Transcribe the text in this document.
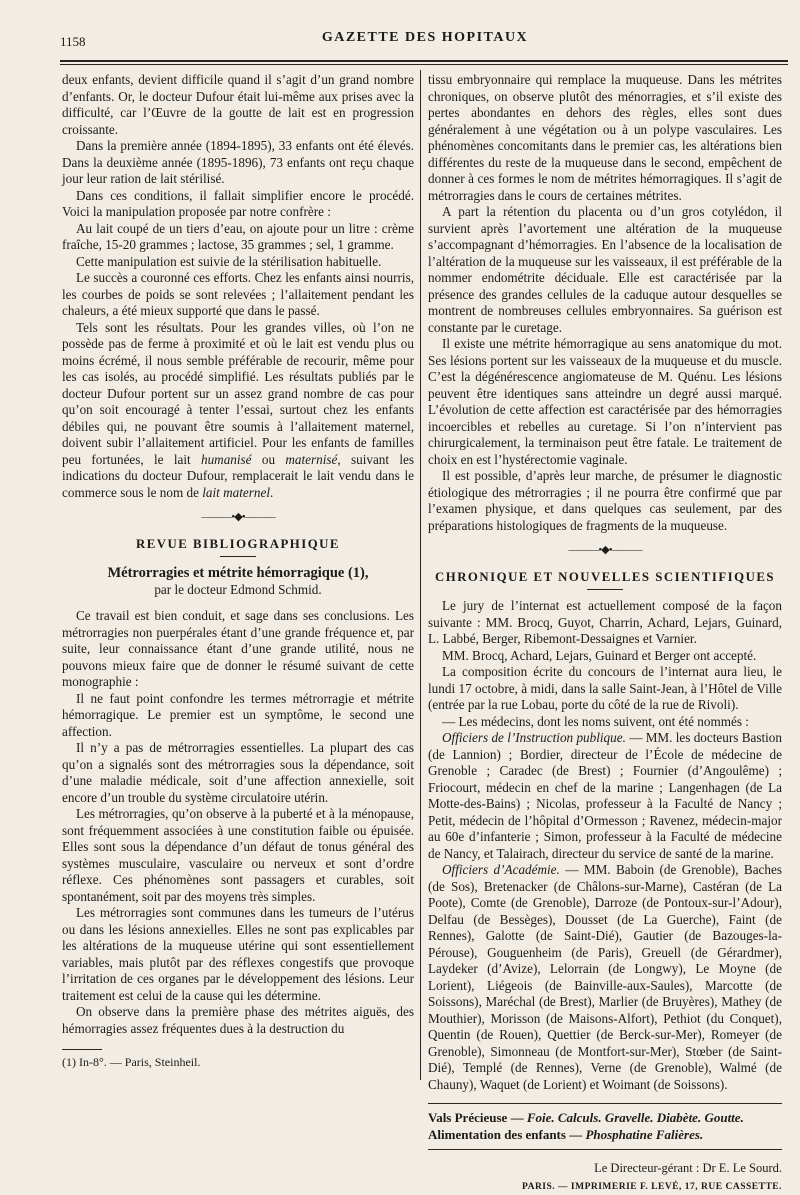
1158	GAZETTE DES HOPITAUX

deux enfants, devient difficile quand il s’agit d’un grand nombre d’enfants. Or, le docteur Dufour était lui-même aux prises avec la difficulté, car l’Œuvre de la goutte de lait est en progression croissante.

Dans la première année (1894-1895), 33 enfants ont été élevés. Dans la deuxième année (1895-1896), 73 enfants ont reçu chaque jour leur ration de lait stérilisé.

Dans ces conditions, il fallait simplifier encore le procédé. Voici la manipulation proposée par notre confrère :

Au lait coupé de un tiers d’eau, on ajoute pour un litre : crème fraîche, 15-20 grammes ; lactose, 35 grammes ; sel, 1 gramme.

Cette manipulation est suivie de la stérilisation habituelle.

Le succès a couronné ces efforts. Chez les enfants ainsi nourris, les courbes de poids se sont relevées ; l’allaitement pendant les chaleurs, a été mieux supporté que dans le passé.

Tels sont les résultats. Pour les grandes villes, où l’on ne possède pas de ferme à proximité et où le lait est vendu plus ou moins écrémé, il nous semble préférable de recourir, même pour les cas isolés, au procédé simplifié. Les résultats publiés par le docteur Dufour portent sur un assez grand nombre de cas pour qu’on soit encouragé à tenter l’essai, surtout chez les enfants débiles qui, ne pouvant être soumis à l’allaitement maternel, doivent subir l’allaitement artificiel. Pour les enfants de familles peu fortunées, le lait humanisé ou maternisé, suivant les indications du docteur Dufour, remplacerait le lait vendu dans le commerce sous le nom de lait maternel.

———•◆•———
REVUE BIBLIOGRAPHIQUE
Métrorragies et métrite hémorragique (1),
par le docteur Edmond Schmid.

Ce travail est bien conduit, et sage dans ses conclusions. Les métrorragies non puerpérales étant d’une grande fréquence et, par suite, leur connaissance étant d’une grande utilité, nous ne pouvons mieux faire que de donner le résumé suivant de cette monographie :

Il ne faut point confondre les termes métrorragie et métrite hémorragique. Le premier est un symptôme, le second une affection.

Il n’y a pas de métrorragies essentielles. La plupart des cas qu’on a signalés sont des métrorragies sous la dépendance, soit d’une maladie médicale, soit d’une affection annexielle, soit encore d’un trouble du système circulatoire utérin.

Les métrorragies, qu’on observe à la puberté et à la ménopause, sont fréquemment associées à une constitution faible ou épuisée. Elles sont sous la dépendance d’un défaut de tonus général des systèmes musculaire, vasculaire ou nerveux et sont d’ordre réflexe. Ces phénomènes sont passagers et curables, soit spontanément, soit par des moyens très simples.

Les métrorragies sont communes dans les tumeurs de l’utérus ou dans les lésions annexielles. Elles ne sont pas explicables par les altérations de la muqueuse utérine qui sont essentiellement variables, mais plutôt par des réflexes congestifs que provoque l’irritation de ces organes par le développement des lésions. Leur traitement est celui de la cause qui les détermine.

On observe dans la première phase des métrites aiguës, des hémorragies assez fréquentes dues à la destruction du

(1) In-8°. — Paris, Steinheil.

tissu embryonnaire qui remplace la muqueuse. Dans les métrites chroniques, on observe plutôt des ménorragies, et s’il existe des pertes abondantes en dehors des règles, elles sont dues généralement à une végétation ou à un polype vasculaires. Les phénomènes concomitants dans le premier cas, les altérations bien différentes du reste de la muqueuse dans le second, empêchent de donner à ces formes le nom de métrites hémorragiques. Il s’agit de métrorragies dans le cours de certaines métrites.

A part la rétention du placenta ou d’un gros cotylédon, il survient après l’avortement une altération de la muqueuse s’accompagnant d’hémorragies. En l’absence de la localisation de l’altération de la muqueuse sur les vaisseaux, il est préférable de la nommer endométrite déciduale. Elle est caractérisée par la présence des grandes cellules de la caduque autour desquelles se montrent de nombreuses cellules embryonnaires. Sa guérison est constante par le curetage.

Il existe une métrite hémorragique au sens anatomique du mot. Ses lésions portent sur les vaisseaux de la muqueuse et du muscle. C’est la dégénérescence angiomateuse de M. Quénu. Les lésions peuvent être identiques sans atteindre un degré aussi marqué. L’évolution de cette affection est caractérisée par des hémorragies incoercibles et rebelles au curetage. Si l’on n’intervient pas chirurgicalement, la terminaison peut être fatale. Le traitement de choix en est l’hystérectomie vaginale.

Il est possible, d’après leur marche, de présumer le diagnostic étiologique des métrorragies ; il ne pourra être confirmé que par l’examen physique, et dans quelques cas seulement, par des préparations histologiques de fragments de la muqueuse.

———•◆•———
CHRONIQUE ET NOUVELLES SCIENTIFIQUES

Le jury de l’internat est actuellement composé de la façon suivante : MM. Brocq, Guyot, Charrin, Achard, Lejars, Guinard, L. Labbé, Berger, Ribemont-Dessaignes et Varnier.

MM. Brocq, Achard, Lejars, Guinard et Berger ont accepté.

La composition écrite du concours de l’internat aura lieu, le lundi 17 octobre, à midi, dans la salle Saint-Jean, à l’Hôtel de Ville (entrée par la rue Lobau, porte du côté de la rue de Rivoli).

— Les médecins, dont les noms suivent, ont été nommés :

Officiers de l’Instruction publique. — MM. les docteurs Bastion (de Lannion) ; Bordier, directeur de l’École de médecine de Grenoble ; Caradec (de Brest) ; Fournier (d’Angoulême) ; Friocourt, médecin en chef de la marine ; Langenhagen (de La Motte-des-Bains) ; Nicolas, professeur à la Faculté de Nancy ; Petit, médecin de l’hôpital d’Ormesson ; Ravenez, médecin-major au 60e d’infanterie ; Simon, professeur à la Faculté de médecine de Nancy, et Talairach, directeur du service de santé de la marine.

Officiers d’Académie. — MM. Baboin (de Grenoble), Baches (de Sos), Bretenacker (de Châlons-sur-Marne), Castéran (de La Poote), Comte (de Grenoble), Darroze (de Pontoux-sur-l’Adour), Delfau (de Bessèges), Dousset (de La Guerche), Faint (de Rennes), Galotte (de Saint-Dié), Gautier (de Bazouges-la-Pérouse), Gouguenheim (de Paris), Greuell (de Gérardmer), Laydeker (d’Avize), Lelorrain (de Longwy), Le Moyne (de Lorient), Liégeois (de Bainville-aux-Saules), Marcotte (de Soissons), Maréchal (de Brest), Marlier (de Bruyères), Mathey (de Mouthier), Morisson (de Maisons-Alfort), Pethiot (du Conquet), Quentin (de Rouen), Quettier (de Berck-sur-Mer), Romeyer (de Grenoble), Simonneau (de Montfort-sur-Mer), Stœber (de Saint-Dié), Templé (de Rennes), Verne (de Grenoble), Walmé (de Chauny), Waquet (de Lorient) et Woimant (de Soissons).

Vals Précieuse — Foie. Calculs. Gravelle. Diabète. Goutte.

Alimentation des enfants — Phosphatine Falières.

Le Directeur-gérant : Dr E. Le Sourd.

PARIS. — IMPRIMERIE F. LEVÉ, 17, RUE CASSETTE.
